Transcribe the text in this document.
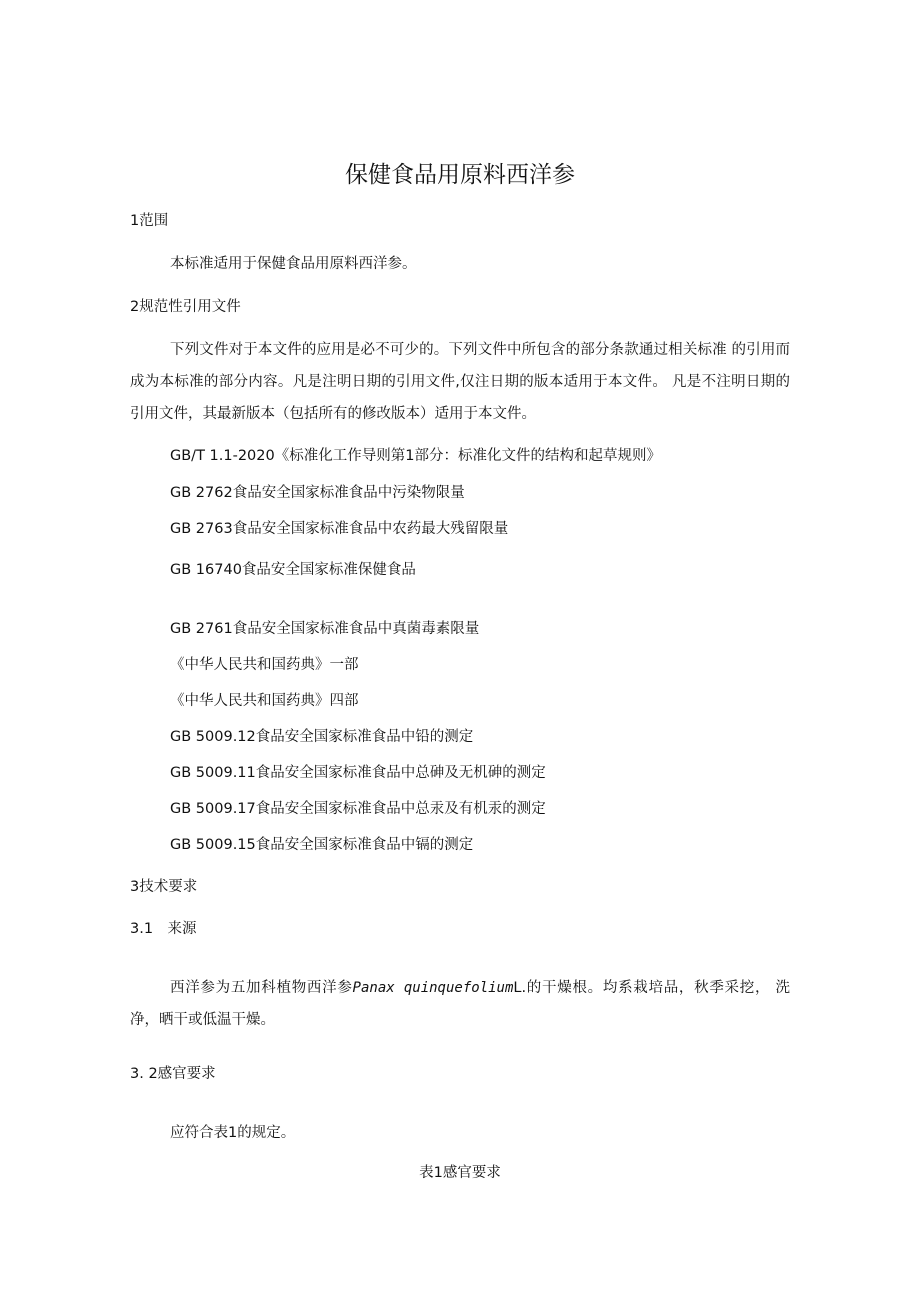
保健食品用原料西洋参
1范围
本标准适用于保健食品用原料西洋参。
2规范性引用文件
下列文件对于本文件的应用是必不可少的。下列文件中所包含的部分条款通过相关标准 的引用而成为本标准的部分内容。凡是注明日期的引用文件,仅注日期的版本适用于本文件。 凡是不注明日期的引用文件，其最新版本（包括所有的修改版本）适用于本文件。
GB/T 1.1-2020《标准化工作导则第1部分：标准化文件的结构和起草规则》
GB 2762食品安全国家标准食品中污染物限量
GB 2763食品安全国家标准食品中农药最大残留限量
GB 16740食品安全国家标准保健食品
GB 2761食品安全国家标准食品中真菌毒素限量
《中华人民共和国药典》一部
《中华人民共和国药典》四部
GB 5009.12食品安全国家标准食品中铅的测定
GB 5009.11食品安全国家标准食品中总砷及无机砷的测定
GB 5009.17食品安全国家标准食品中总汞及有机汞的测定
GB 5009.15食品安全国家标准食品中镉的测定
3技术要求
3.1　来源
西洋参为五加科植物西洋参Panax quinquefoliumL.的干燥根。均系栽培品，秋季采挖， 洗净，晒干或低温干燥。
3. 2感官要求
应符合表1的规定。
表1感官要求
